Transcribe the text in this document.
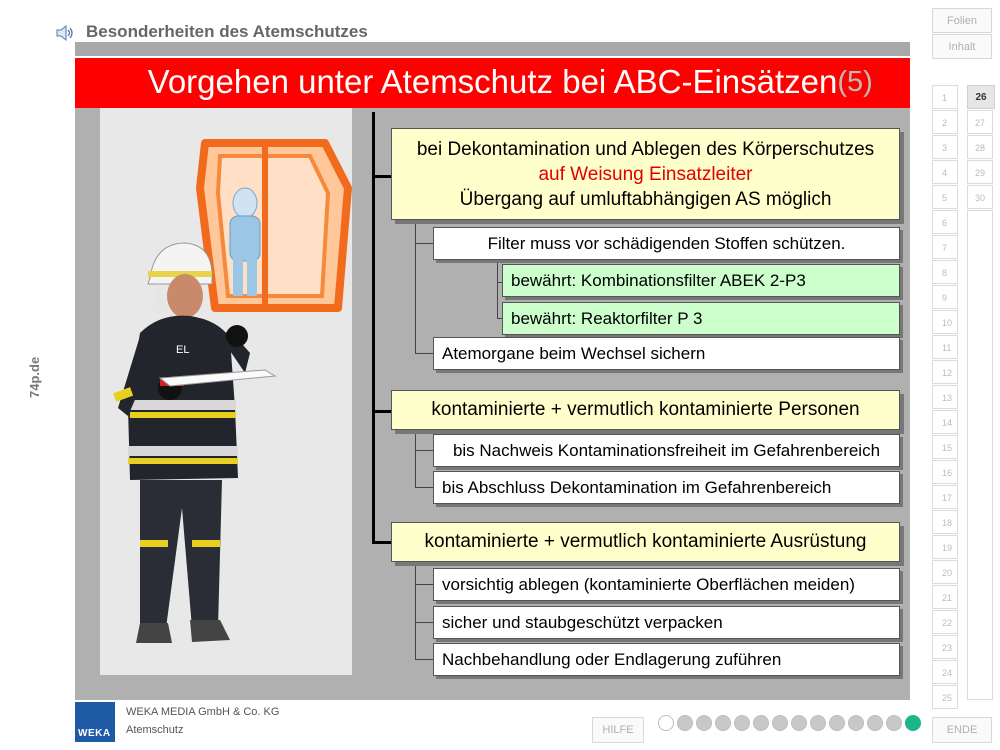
Besonderheiten des Atemschutzes
Vorgehen unter Atemschutz bei ABC-Einsätzen (5)
74p.de
EL
bei Dekontamination und Ablegen des Körperschutzes
auf Weisung Einsatzleiter
Übergang auf umluftabhängigen AS möglich
Filter muss vor schädigenden Stoffen schützen.
bewährt: Kombinationsfilter ABEK 2-P3
bewährt: Reaktorfilter P 3
Atemorgane beim Wechsel sichern
kontaminierte + vermutlich kontaminierte Personen
bis Nachweis Kontaminationsfreiheit im Gefahrenbereich
bis Abschluss Dekontamination im Gefahrenbereich
kontaminierte + vermutlich kontaminierte Ausrüstung
vorsichtig ablegen (kontaminierte Oberflächen meiden)
sicher und staubgeschützt verpacken
Nachbehandlung oder Endlagerung zuführen
Folien
Inhalt
1
2
3
4
5
6
7
8
9
10
11
12
13
14
15
16
17
18
19
20
21
22
23
24
25
27
28
29
30
26
HILFE	ENDE
WEKA
WEKA MEDIA GmbH & Co. KG
Atemschutz
